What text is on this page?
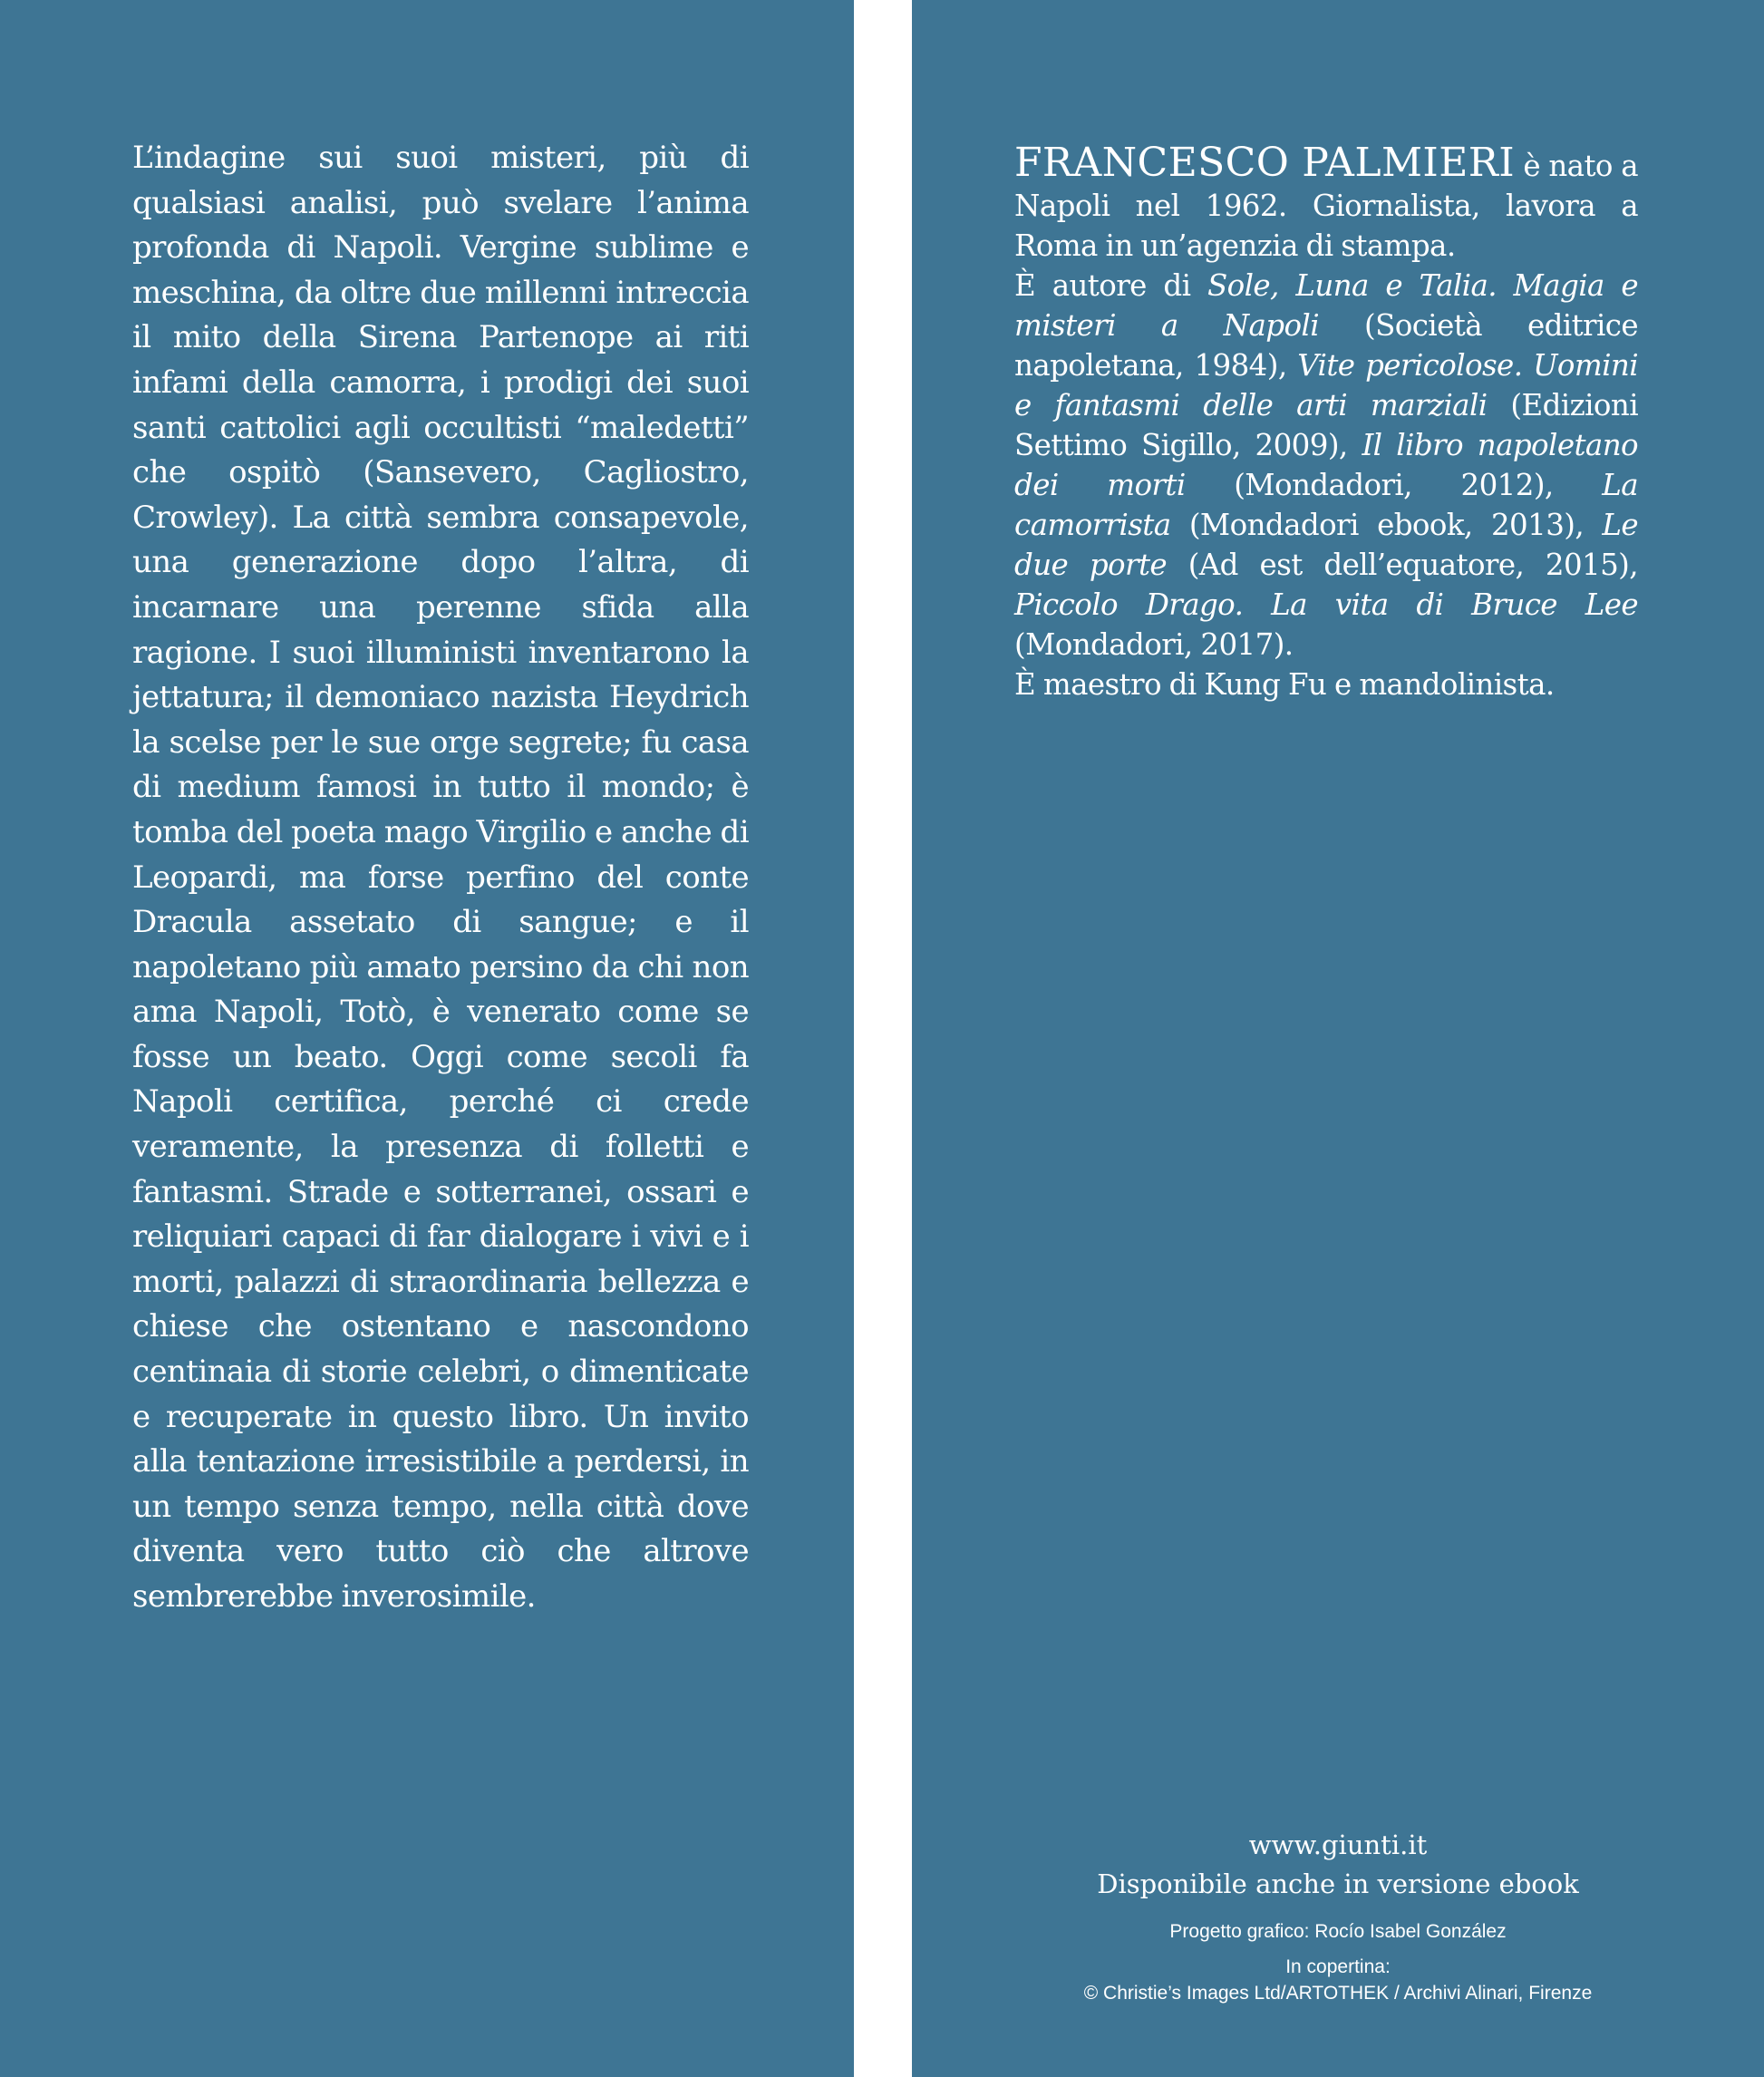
L’indagine sui suoi misteri, più di qualsiasi analisi, può svelare l’anima profonda di Napoli. Vergine sublime e meschina, da oltre due millenni intreccia il mito della Sirena Partenope ai riti infami della camorra, i prodigi dei suoi santi cattolici agli occultisti “maledetti” che ospitò (Sansevero, Cagliostro, Crowley). La città sembra consapevole, una generazione dopo l’altra, di incarnare una perenne sfida alla ragione. I suoi illuministi inventarono la jettatura; il demoniaco nazista Heydrich la scelse per le sue orge segrete; fu casa di medium famosi in tutto il mondo; è tomba del poeta mago Virgilio e anche di Leopardi, ma forse perfino del conte Dracula assetato di sangue; e il napoletano più amato persino da chi non ama Napoli, Totò, è venerato come se fosse un beato. Oggi come secoli fa Napoli certifica, perché ci crede veramente, la presenza di folletti e fantasmi. Strade e sotterranei, ossari e reliquiari capaci di far dialogare i vivi e i morti, palazzi di straordinaria bellezza e chiese che ostentano e nascondono centinaia di storie celebri, o dimenticate e recuperate in questo libro. Un invito alla tentazione irresistibile a perdersi, in un tempo senza tempo, nella città dove diventa vero tutto ciò che altrove sembrerebbe inverosimile.

FRANCESCO PALMIERI è nato a Napoli nel 1962. Giornalista, lavora a Roma in un’agenzia di stampa.

È autore di Sole, Luna e Talia. Magia e misteri a Napoli (Società editrice napoletana, 1984), Vite pericolose. Uomini e fantasmi delle arti marziali (Edizioni Settimo Sigillo, 2009), Il libro napoletano dei morti (Mondadori, 2012), La camorrista (Mondadori ebook, 2013), Le due porte (Ad est dell’equatore, 2015), Piccolo Drago. La vita di Bruce Lee (Mondadori, 2017).

È maestro di Kung Fu e mandolinista.

www.giunti.it
Disponibile anche in versione ebook
Progetto grafico: Rocío Isabel González
In copertina:
© Christie’s Images Ltd/ARTOTHEK / Archivi Alinari, Firenze
